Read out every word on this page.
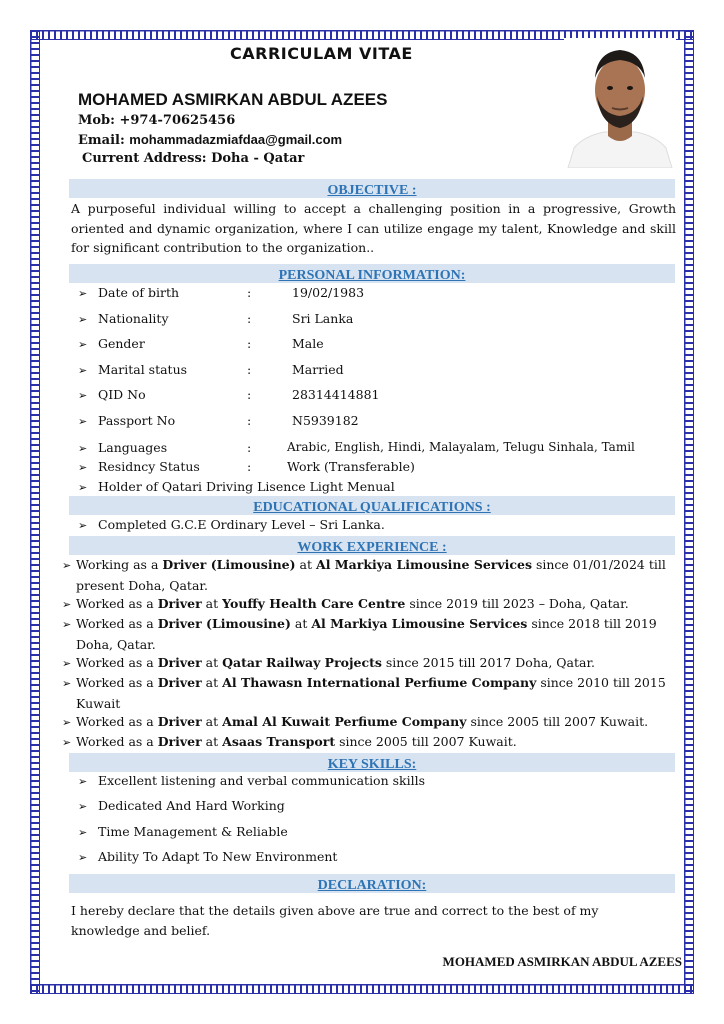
CARRICULAM VITAE
MOHAMED ASMIRKAN ABDUL AZEES
Mob: +974-70625456
Email: mohammadazmiafdaa@gmail.com
Current Address: Doha - Qatar
OBJECTIVE :
A purposeful individual willing to accept a challenging position in a progressive, Growth oriented and dynamic organization, where I can utilize engage my talent, Knowledge and skill for significant contribution to the organization..
PERSONAL INFORMATION:
➢ Date of birth	:	19/02/1983
➢ Nationality	:	Sri Lanka
➢ Gender	:	Male
➢ Marital status	:	Married
➢ QID No	:	28314414881
➢ Passport No	:	N5939182
➢ Languages	:	Arabic, English, Hindi, Malayalam, Telugu Sinhala, Tamil
➢ Residncy Status	:	Work (Transferable)
➢ Holder of Qatari Driving Lisence Light Menual
EDUCATIONAL QUALIFICATIONS :
➢ Completed G.C.E Ordinary Level – Sri Lanka.
WORK EXPERIENCE :
➢ Working as a Driver (Limousine) at Al Markiya Limousine Services since 01/01/2024 till
present Doha, Qatar.
➢ Worked as a Driver at Youffy Health Care Centre since 2019 till 2023 – Doha, Qatar.
➢ Worked as a Driver (Limousine) at Al Markiya Limousine Services since 2018 till 2019
Doha, Qatar.
➢ Worked as a Driver at Qatar Railway Projects since 2015 till 2017 Doha, Qatar.
➢ Worked as a Driver at Al Thawasn International Perfiume Company since 2010 till 2015
Kuwait
➢ Worked as a Driver at Amal Al Kuwait Perfiume Company since 2005 till 2007 Kuwait.
➢ Worked as a Driver at Asaas Transport since 2005 till 2007 Kuwait.
KEY SKILLS:
➢ Excellent listening and verbal communication skills
➢ Dedicated And Hard Working
➢ Time Management & Reliable
➢ Ability To Adapt To New Environment
DECLARATION:
I hereby declare that the details given above are true and correct to the best of my knowledge and belief.
MOHAMED ASMIRKAN ABDUL AZEES
